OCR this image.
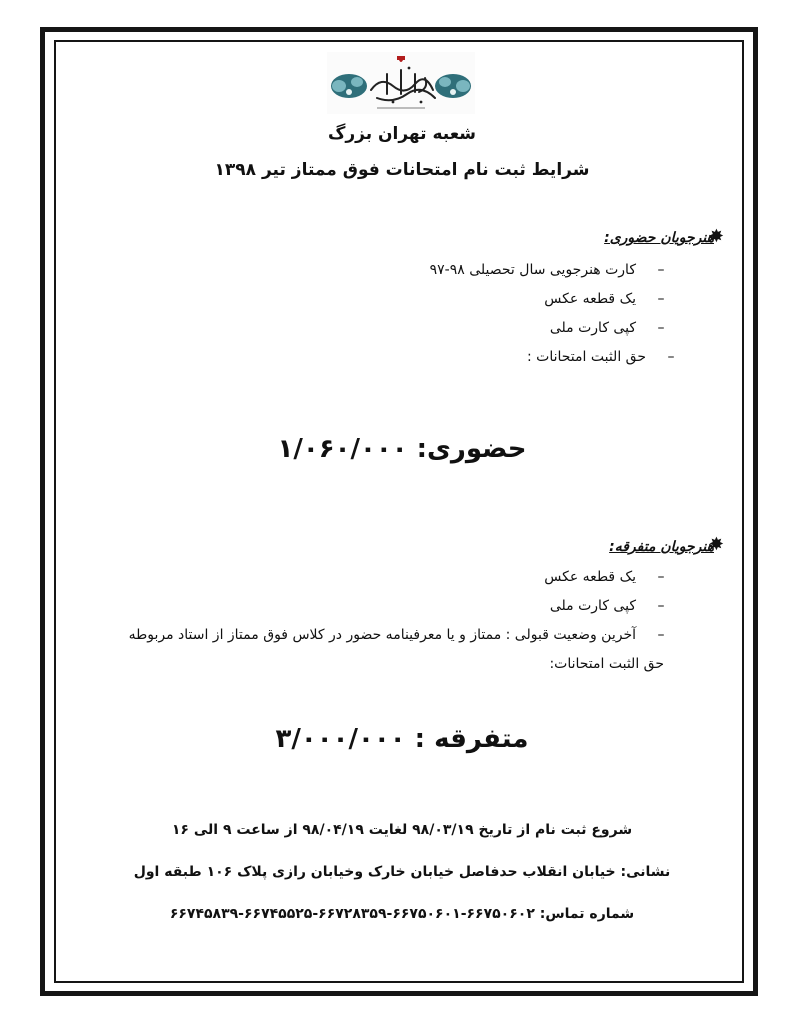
شعبه تهران بزرگ

شرایط ثبت نام امتحانات فوق ممتاز تیر ۱۳۹۸

✸

هنرجویان حضوری:

–کارت هنرجویی سال تحصیلی ۹۸-۹۷

–یک قطعه عکس

–کپی کارت ملی

–حق الثبت امتحانات :

حضوری: ۱/۰۶۰/۰۰۰

✸

هنرجویان متفرقه:

–یک قطعه عکس

–کپی کارت ملی

–آخرین وضعیت قبولی : ممتاز و یا معرفینامه حضور در کلاس فوق ممتاز از استاد مربوطه

حق الثبت امتحانات:

متفرقه : ۳/۰۰۰/۰۰۰

شروع ثبت نام از تاریخ ۹۸/۰۳/۱۹ لغایت ۹۸/۰۴/۱۹ از ساعت ۹ الی ۱۶

نشانی: خیابان انقلاب حدفاصل خیابان خارک وخیابان رازی پلاک ۱۰۶ طبقه اول

شماره تماس: ۶۶۷۵۰۶۰۲-۶۶۷۵۰۶۰۱-۶۶۷۲۸۳۵۹-۶۶۷۴۵۵۲۵-۶۶۷۴۵۸۳۹
